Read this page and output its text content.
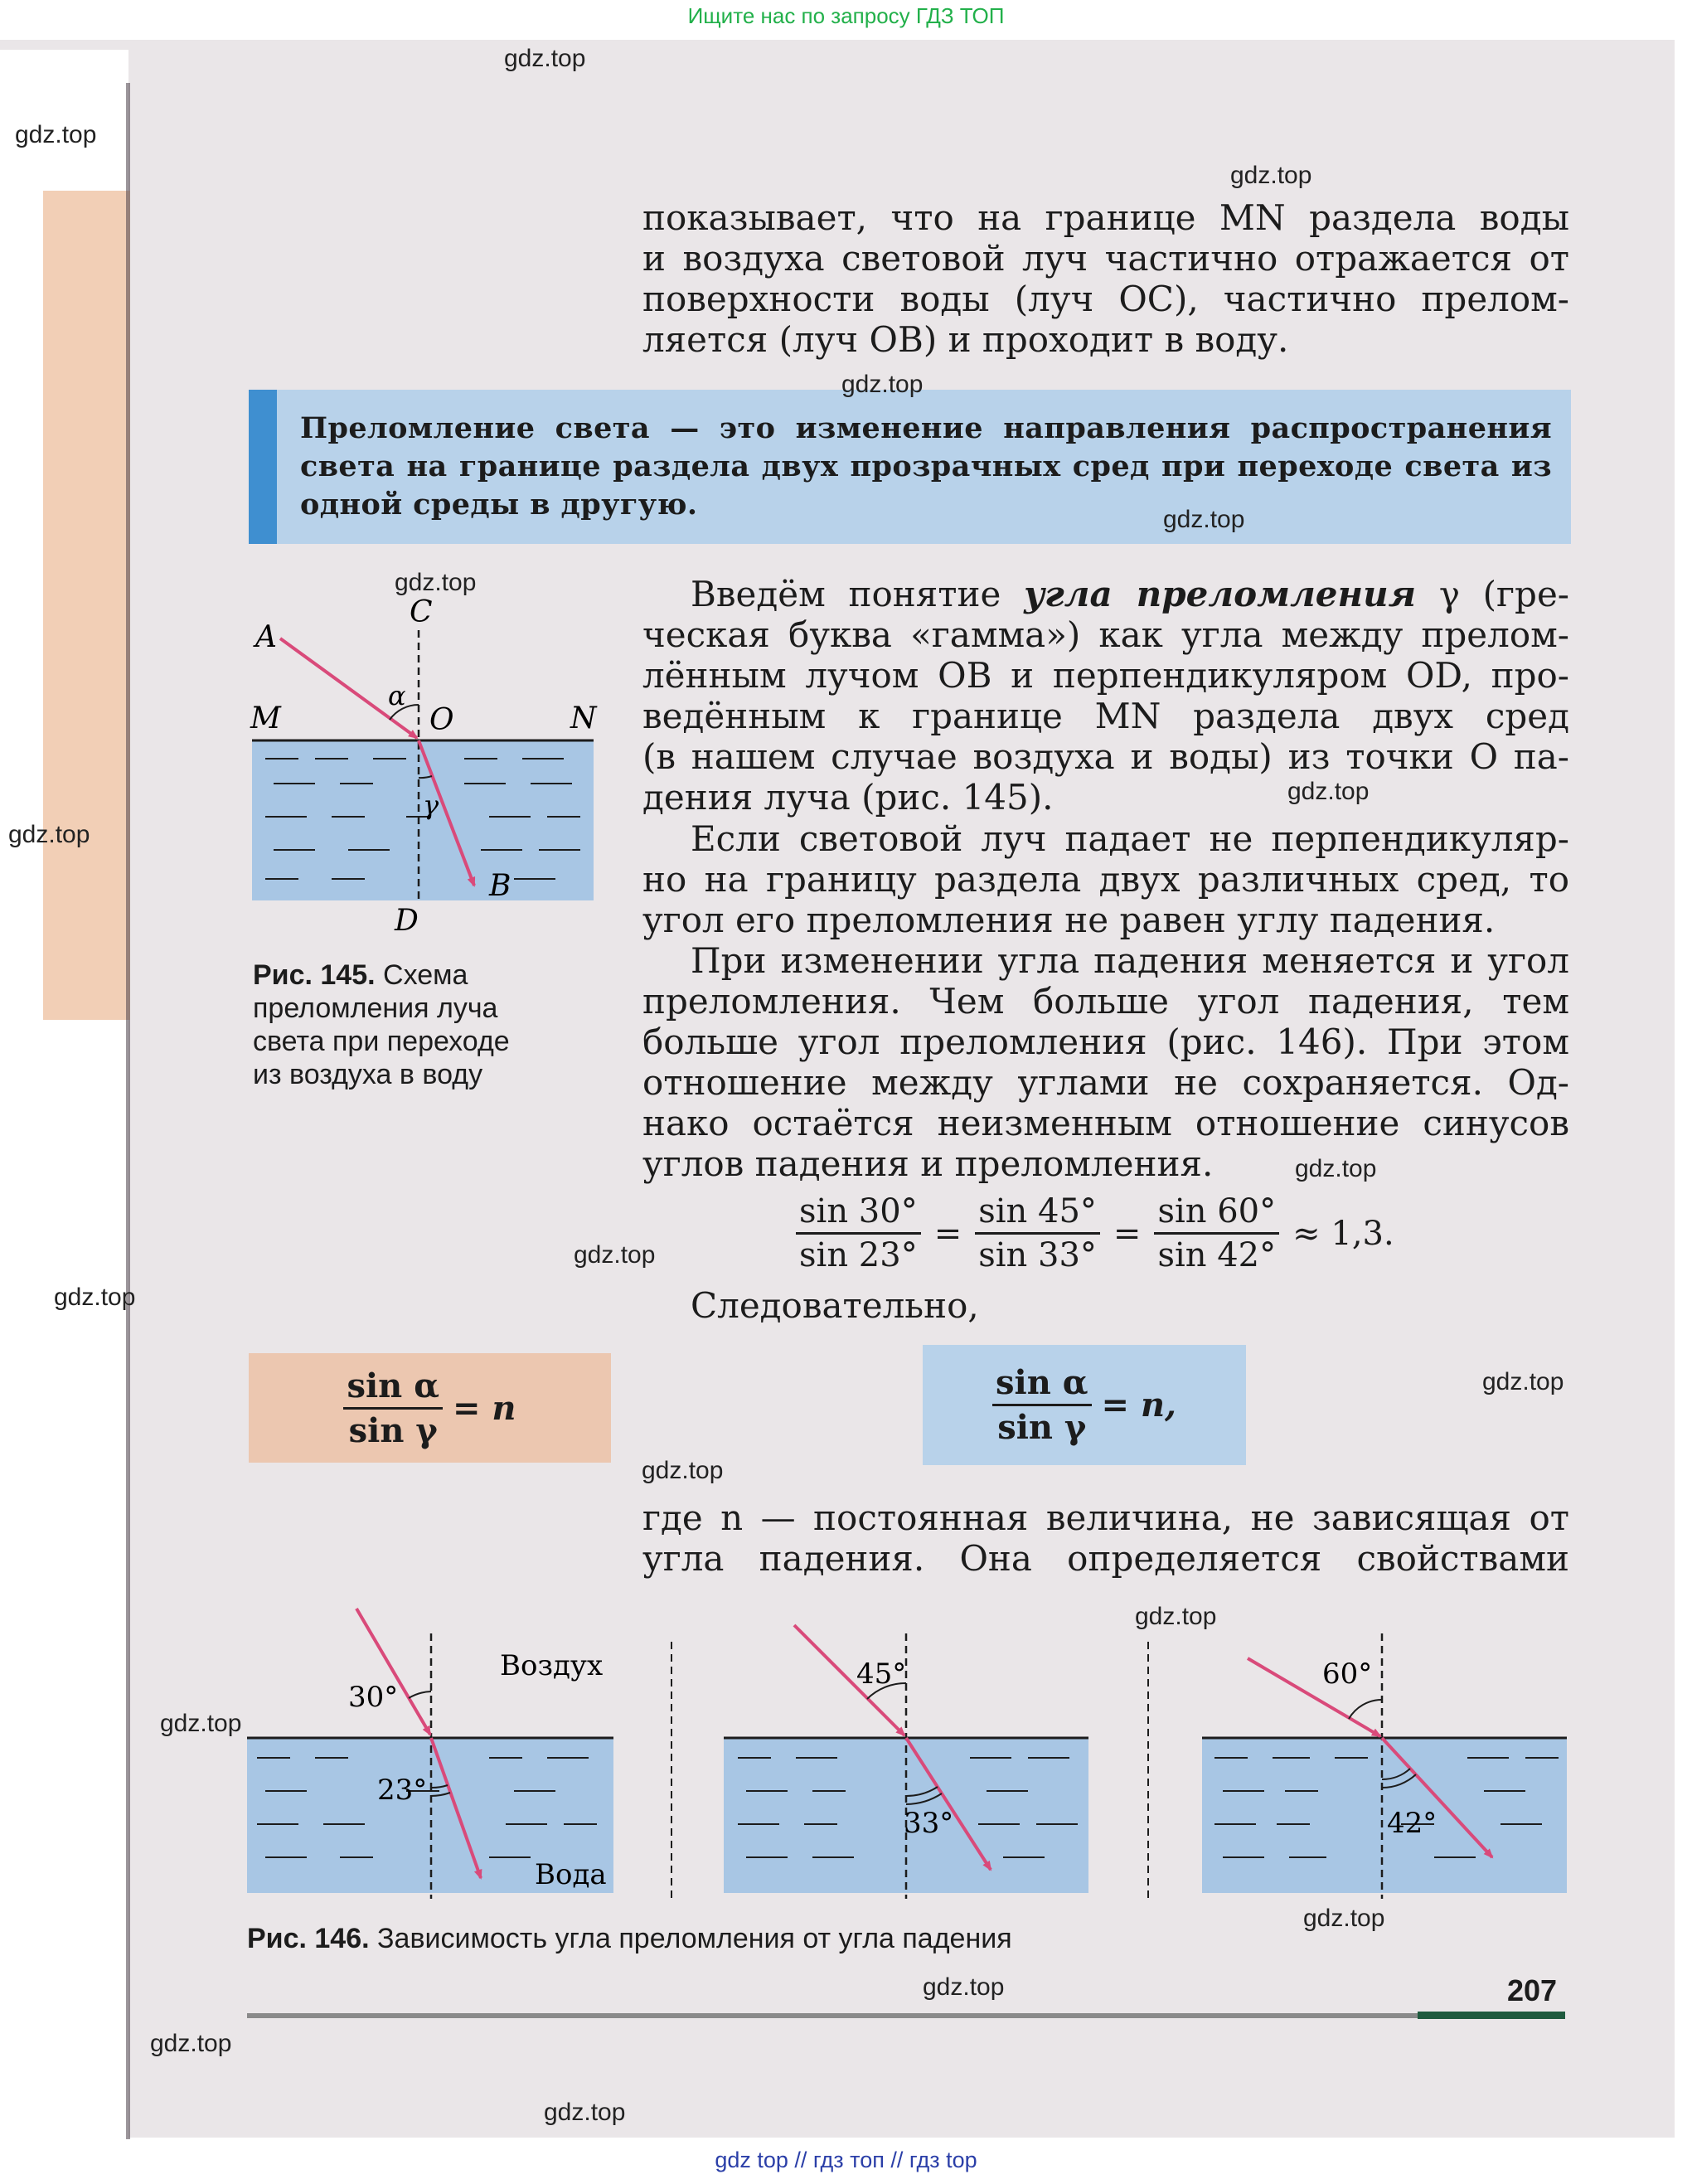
Ищите нас по запросу ГДЗ ТОП
показывает, что на границе MN раздела воды
и воздуха световой луч частично отражается от
поверхности воды (луч OC), частично прелом-
ляется (луч OB) и проходит в воду.
Преломление света — это изменение направления распространения
света на границе раздела двух прозрачных сред при переходе света из
одной среды в другую.
A
C
M	O	N
α
γ
B
D
Рис. 145. Схема
преломления луча
света при переходе
из воздуха в воду
Введём понятие угла преломления γ (гре-
ческая буква «гамма») как угла между прелом-
лённым лучом OB и перпендикуляром OD, про-
ведённым к границе MN раздела двух сред
(в нашем случае воздуха и воды) из точки O па-
дения луча (рис. 145).
Если световой луч падает не перпендикуляр-
но на границу раздела двух различных сред, то
угол его преломления не равен углу падения.
При изменении угла падения меняется и угол
преломления. Чем больше угол падения, тем
больше угол преломления (рис. 146). При этом
отношение между углами не сохраняется. Од-
нако остаётся неизменным отношение синусов
углов падения и преломления.
$\frac{\sin 30^\circ}{\sin 23^\circ} = \frac{\sin 45^\circ}{\sin 33^\circ} = \frac{\sin 60^\circ}{\sin 42^\circ} \approx 1,3$.
Следовательно,
$\frac{\text{sin α}}{\text{sin γ}} = n$	$\frac{\text{sin α}}{\text{sin γ}} = n$,
где n — постоянная величина, не зависящая от
угла падения. Она определяется свойствами
30°
23°
Воздух
Вода
45°
33°
60°
42°
Рис. 146. Зависимость угла преломления от угла падения
207
gdz.top
gdz.top
gdz.top
gdz.top
gdz.top
gdz.top
gdz.top
gdz.top
gdz.top
gdz.top
gdz.top
gdz.top
gdz.top
gdz.top
gdz.top
gdz.top
gdz.top
gdz.top
gdz.top
gdz top // гдз топ // гдз top
